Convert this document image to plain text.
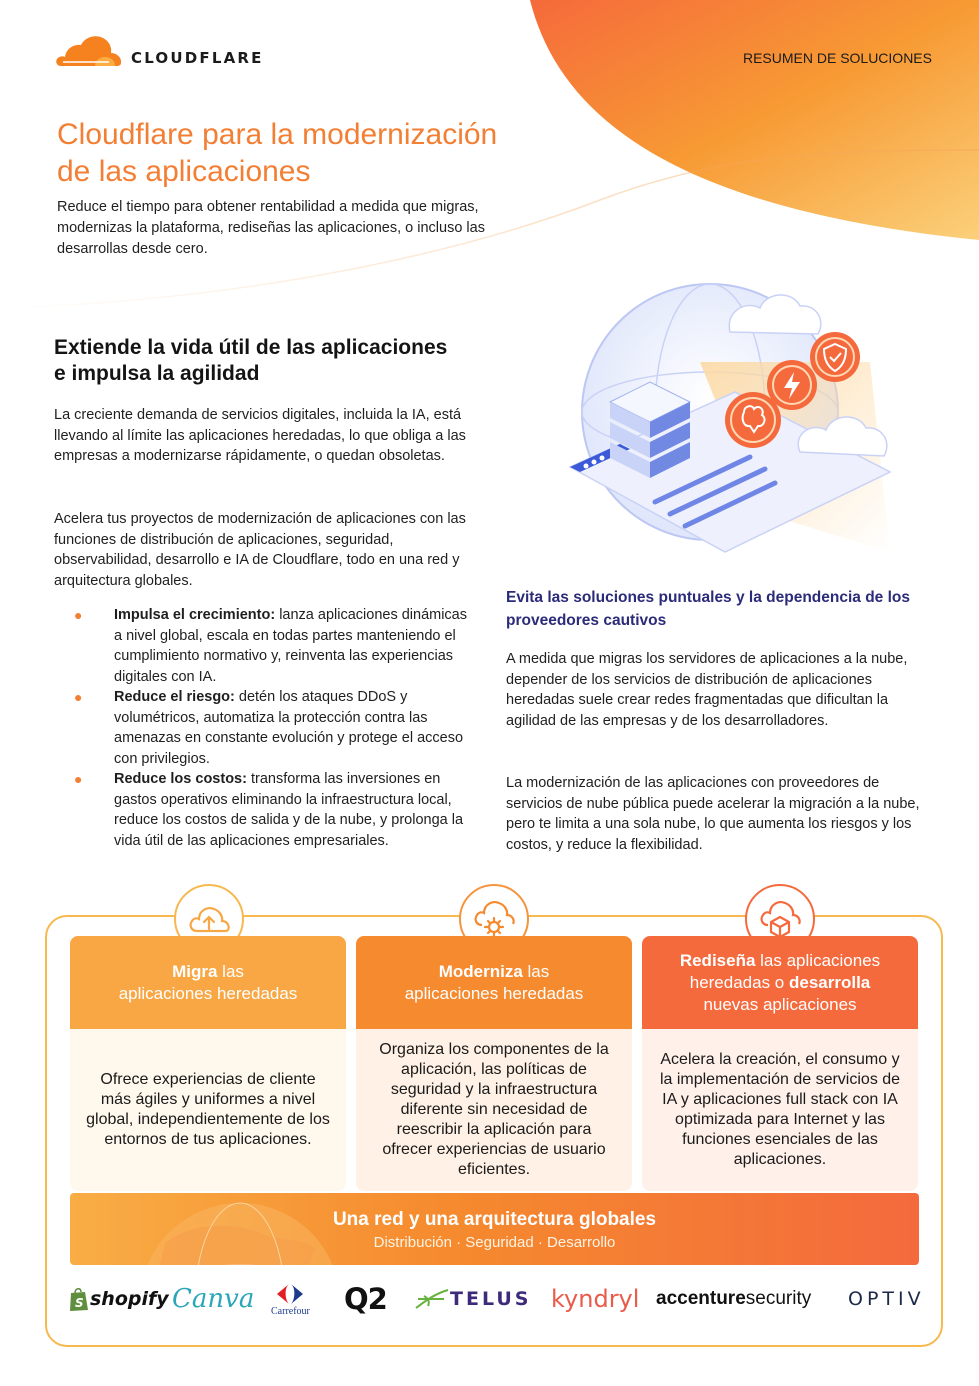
CLOUDFLARE	RESUMEN DE SOLUCIONES
Cloudflare para la modernización
de las aplicaciones

Reduce el tiempo para obtener rentabilidad a medida que migras, modernizas la plataforma, rediseñas las aplicaciones, o incluso las desarrollas desde cero.

Extiende la vida útil de las aplicaciones
e impulsa la agilidad

La creciente demanda de servicios digitales, incluida la IA, está llevando al límite las aplicaciones heredadas, lo que obliga a las empresas a modernizarse rápidamente, o quedan obsoletas.

Acelera tus proyectos de modernización de aplicaciones con las funciones de distribución de aplicaciones, seguridad, observabilidad, desarrollo e IA de Cloudflare, todo en una red y arquitectura globales.

● Impulsa el crecimiento: lanza aplicaciones dinámicas a nivel global, escala en todas partes manteniendo el cumplimiento normativo y, reinventa las experiencias digitales con IA.
● Reduce el riesgo: detén los ataques DDoS y volumétricos, automatiza la protección contra las amenazas en constante evolución y protege el acceso con privilegios.
● Reduce los costos: transforma las inversiones en gastos operativos eliminando la infraestructura local, reduce los costos de salida y de la nube, y prolonga la vida útil de las aplicaciones empresariales.
Evita las soluciones puntuales y la dependencia de los
proveedores cautivos

A medida que migras los servidores de aplicaciones a la nube, depender de los servicios de distribución de aplicaciones heredadas suele crear redes fragmentadas que dificultan la agilidad de las empresas y de los desarrolladores.

La modernización de las aplicaciones con proveedores de servicios de nube pública puede acelerar la migración a la nube, pero te limita a una sola nube, lo que aumenta los riesgos y los costos, y reduce la flexibilidad.

Migra las
aplicaciones heredadas
Ofrece experiencias de cliente más ágiles y uniformes a nivel global, independientemente de los entornos de tus aplicaciones.
Moderniza las
aplicaciones heredadas
Organiza los componentes de la aplicación, las políticas de seguridad y la infraestructura diferente sin necesidad de reescribir la aplicación para ofrecer experiencias de usuario eficientes.
Rediseña las aplicaciones
heredadas o desarrolla
nuevas aplicaciones
Acelera la creación, el consumo y la implementación de servicios de IA y aplicaciones full stack con IA optimizada para Internet y las funciones esenciales de las aplicaciones.
Una red y una arquitectura globales
Distribución · Seguridad · Desarrollo
S shopify Canva Carrefour Q2	TELUS kyndryl accenture security OPTIV
